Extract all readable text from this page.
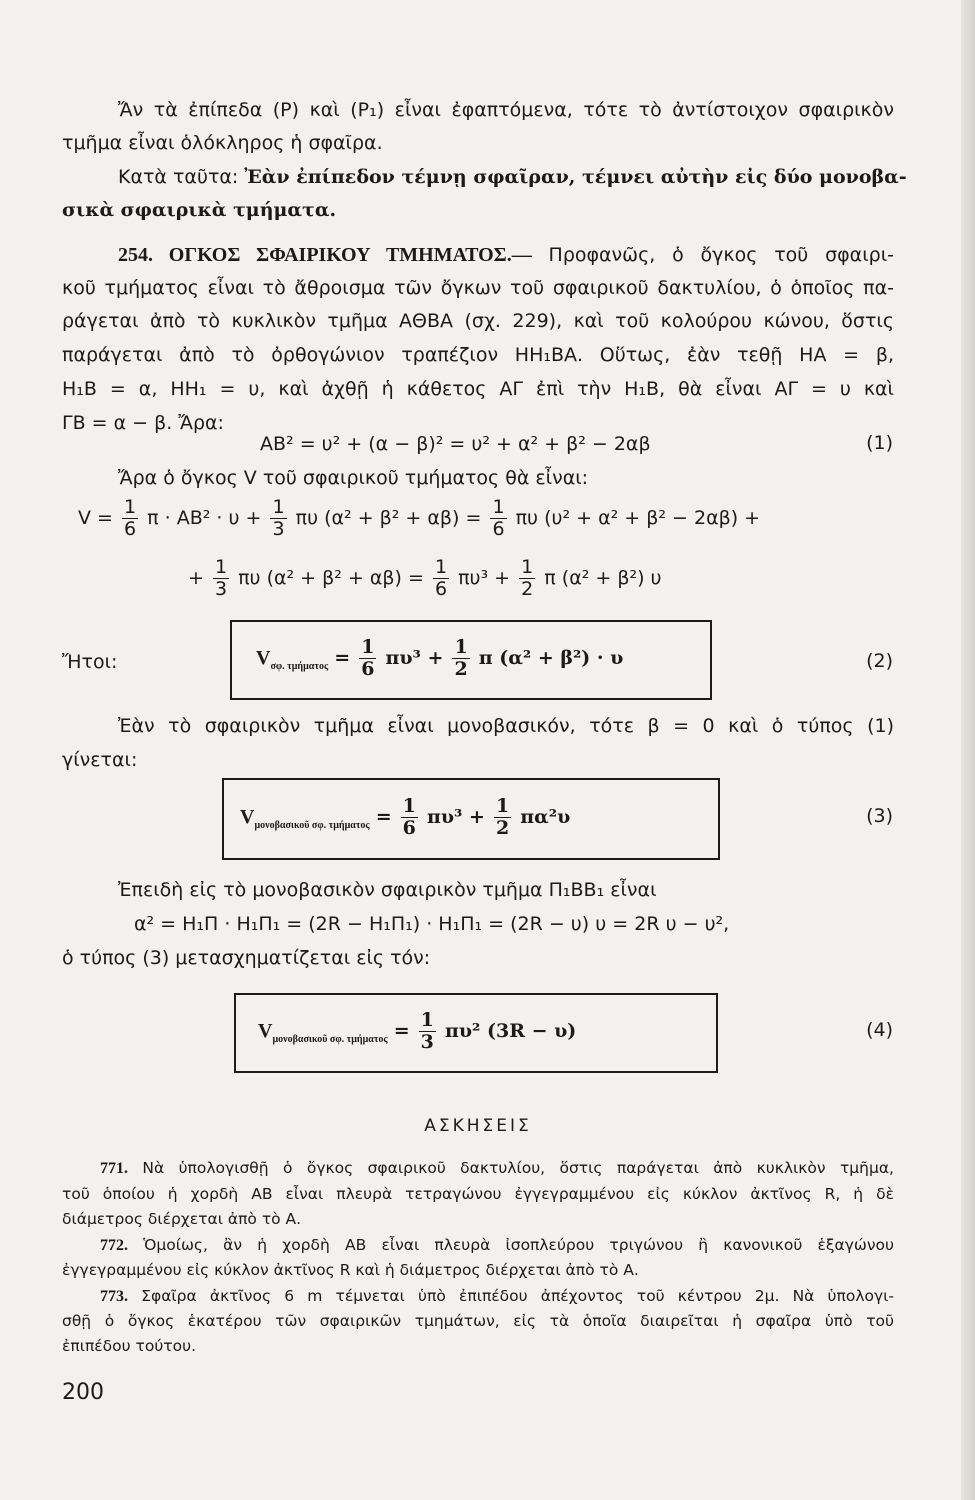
Ἄν τὰ ἐπίπεδα (Ρ) καὶ (Ρ₁) εἶναι ἐφαπτόμενα, τότε τὸ ἀντίστοιχον σφαιρικὸν
τμῆμα εἶναι ὁλόκληρος ἡ σφαῖρα.
Κατὰ ταῦτα: Ἐὰν ἐπίπεδον τέμνῃ σφαῖραν, τέμνει αὐτὴν εἰς δύο μονοβα-
σικὰ σφαιρικὰ τμήματα.
254. ΟΓΚΟΣ ΣΦΑΙΡΙΚΟΥ ΤΜΗΜΑΤΟΣ.— Προφανῶς, ὁ ὄγκος τοῦ σφαιρι-
κοῦ τμήματος εἶναι τὸ ἄθροισμα τῶν ὄγκων τοῦ σφαιρικοῦ δακτυλίου, ὁ ὁποῖος πα-
ράγεται ἀπὸ τὸ κυκλικὸν τμῆμα ΑΘΒΑ (σχ. 229), καὶ τοῦ κολούρου κώνου, ὅστις
παράγεται ἀπὸ τὸ ὀρθογώνιον τραπέζιον ΗΗ₁ΒΑ. Οὕτως, ἐὰν τεθῇ ΗΑ = β,
Η₁Β = α, ΗΗ₁ = υ, καὶ ἀχθῇ ἡ κάθετος ΑΓ ἐπὶ τὴν Η₁Β, θὰ εἶναι ΑΓ = υ καὶ
ΓΒ = α − β. Ἄρα:
ΑΒ² = υ² + (α − β)² = υ² + α² + β² − 2αβ	(1)
Ἄρα ὁ ὄγκος V τοῦ σφαιρικοῦ τμήματος θὰ εἶναι:
$V = \frac{1}{6}$ $\pi \cdot AB^2 \cdot \upsilon + \frac{1}{3}$ πυ $(\alpha^2 + \beta^2 + \alpha\beta) = \frac{1}{6}$ πυ (υ² + α² + β² − 2αβ) +
+ $\frac{1}{3}$ πυ $(\alpha^2 + \beta^2 + \alpha\beta) = \frac{1}{6} \pi\upsilon^3 + \frac{1}{2}$ π (α² + β²) υ
Ἤτοι:	$V_{\sigma\varphi. \tau\mu ή\mu\alpha\tau o\varsigma} = \frac{1}{6} \pi\upsilon^3 + \frac{1}{2}$ π (α² + β²) · υ	(2)
Ἐὰν τὸ σφαιρικὸν τμῆμα εἶναι μονοβασικόν, τότε β = 0 καὶ ὁ τύπος (1)
γίνεται:
$V_{\mu o\nu o\beta\alpha\sigma\iota\kappa oῦ \sigma\varphi. \tau\mu ή\mu\alpha\tau o\varsigma} = \frac{1}{6} \pi\upsilon^3 + \frac{1}{2} \pi\alpha^2\upsilon$	(3)
Ἐπειδὴ εἰς τὸ μονοβασικὸν σφαιρικὸν τμῆμα Π₁ΒΒ₁ εἶναι
α² = Η₁Π · Η₁Π₁ = (2R − Η₁Π₁) · Η₁Π₁ = (2R − υ) υ = 2R υ − υ²,
ὁ τύπος (3) μετασχηματίζεται εἰς τόν:
$V_{\mu o\nu o\beta\alpha\sigma\iota\kappa oῦ \sigma\varphi. \tau\mu ή\mu\alpha\tau o\varsigma} = \frac{1}{3} \pi\upsilon^2$ (3R − υ)	(4)
ΑΣΚΗΣΕΙΣ
771. Νὰ ὑπολογισθῇ ὁ ὄγκος σφαιρικοῦ δακτυλίου, ὅστις παράγεται ἀπὸ κυκλικὸν τμῆμα,
τοῦ ὁποίου ἡ χορδὴ ΑΒ εἶναι πλευρὰ τετραγώνου ἐγγεγραμμένου εἰς κύκλον ἀκτῖνος R, ἡ δὲ
διάμετρος διέρχεται ἀπὸ τὸ Α.
772. Ὁμοίως, ἂν ἡ χορδὴ ΑΒ εἶναι πλευρὰ ἰσοπλεύρου τριγώνου ἢ κανονικοῦ ἑξαγώνου
ἐγγεγραμμένου εἰς κύκλον ἀκτῖνος R καὶ ἡ διάμετρος διέρχεται ἀπὸ τὸ Α.
773. Σφαῖρα ἀκτῖνος 6 m τέμνεται ὑπὸ ἐπιπέδου ἀπέχοντος τοῦ κέντρου 2μ. Νὰ ὑπολογι-
σθῇ ὁ ὄγκος ἑκατέρου τῶν σφαιρικῶν τμημάτων, εἰς τὰ ὁποῖα διαιρεῖται ἡ σφαῖρα ὑπὸ τοῦ
ἐπιπέδου τούτου.
200
